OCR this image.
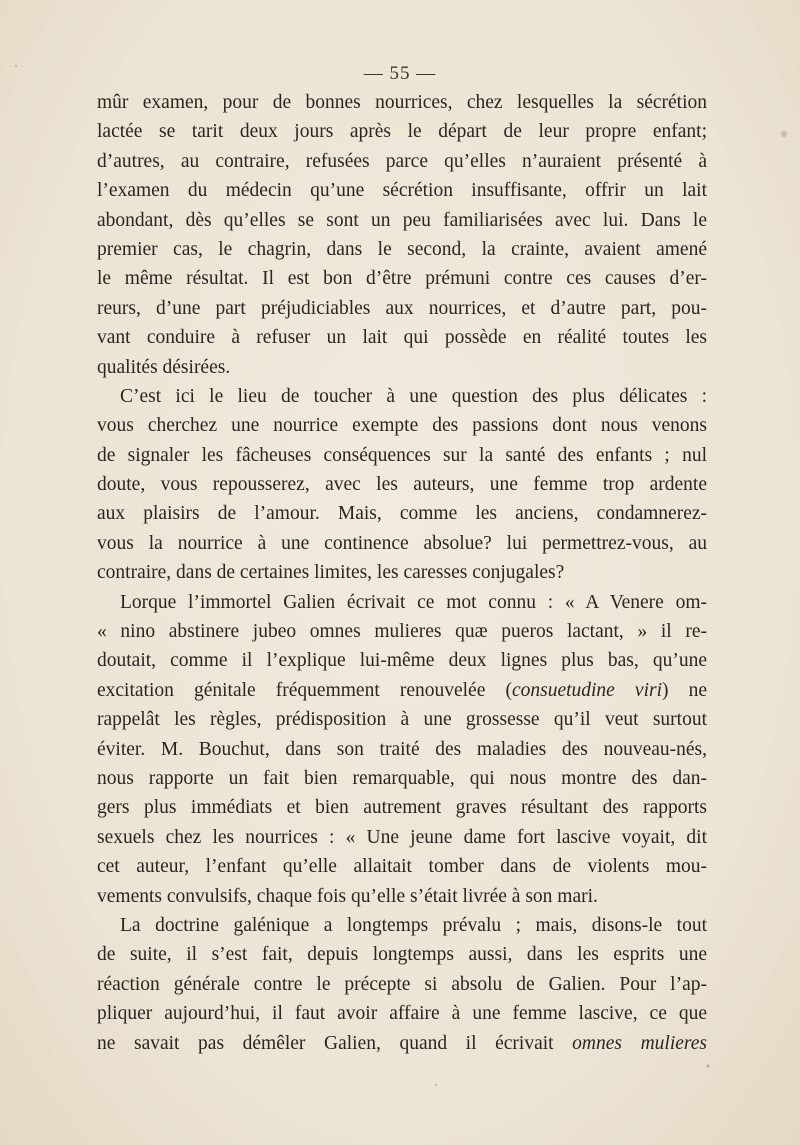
— 55 —
mûr examen, pour de bonnes nourrices, chez lesquelles la sécrétion
lactée se tarit deux jours après le départ de leur propre enfant;
d’autres, au contraire, refusées parce qu’elles n’auraient présenté à
l’examen du médecin qu’une sécrétion insuffisante, offrir un lait
abondant, dès qu’elles se sont un peu familiarisées avec lui. Dans le
premier cas, le chagrin, dans le second, la crainte, avaient amené
le même résultat. Il est bon d’être prémuni contre ces causes d’er-
reurs, d’une part préjudiciables aux nourrices, et d’autre part, pou-
vant conduire à refuser un lait qui possède en réalité toutes les
qualités désirées.
C’est ici le lieu de toucher à une question des plus délicates :
vous cherchez une nourrice exempte des passions dont nous venons
de signaler les fâcheuses conséquences sur la santé des enfants ; nul
doute, vous repousserez, avec les auteurs, une femme trop ardente
aux plaisirs de l’amour. Mais, comme les anciens, condamnerez-
vous la nourrice à une continence absolue? lui permettrez-vous, au
contraire, dans de certaines limites, les caresses conjugales?
Lorque l’immortel Galien écrivait ce mot connu : « A Venere om-
« nino abstinere jubeo omnes mulieres quæ pueros lactant, » il re-
doutait, comme il l’explique lui-même deux lignes plus bas, qu’une
excitation génitale fréquemment renouvelée (consuetudine viri) ne
rappelât les règles, prédisposition à une grossesse qu’il veut surtout
éviter. M. Bouchut, dans son traité des maladies des nouveau-nés,
nous rapporte un fait bien remarquable, qui nous montre des dan-
gers plus immédiats et bien autrement graves résultant des rapports
sexuels chez les nourrices : « Une jeune dame fort lascive voyait, dit
cet auteur, l’enfant qu’elle allaitait tomber dans de violents mou-
vements convulsifs, chaque fois qu’elle s’était livrée à son mari.
La doctrine galénique a longtemps prévalu ; mais, disons-le tout
de suite, il s’est fait, depuis longtemps aussi, dans les esprits une
réaction générale contre le précepte si absolu de Galien. Pour l’ap-
pliquer aujourd’hui, il faut avoir affaire à une femme lascive, ce que
ne savait pas démêler Galien, quand il écrivait omnes mulieres
